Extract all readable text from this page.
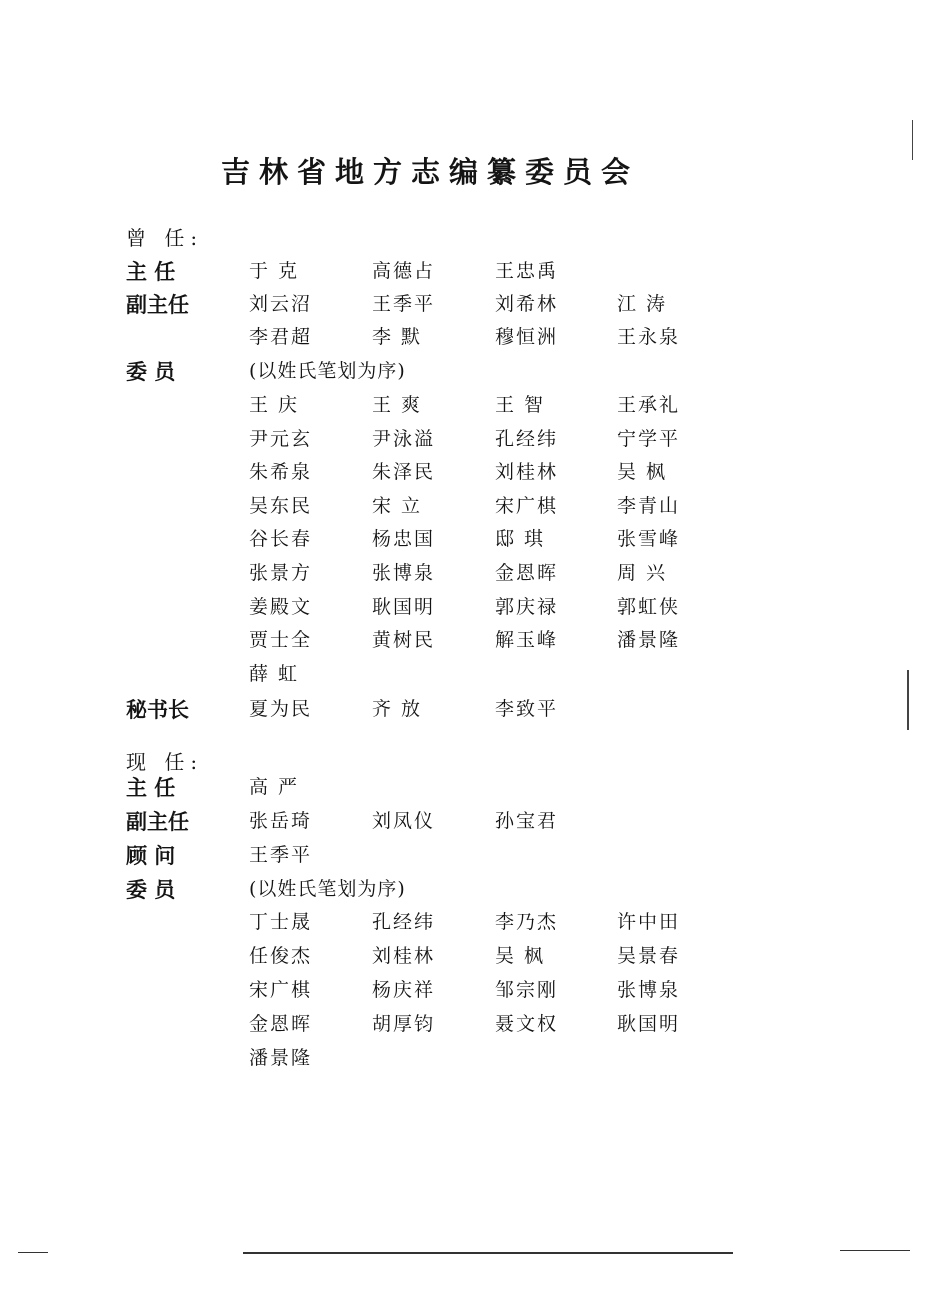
吉林省地方志编纂委员会
曾 任:
主 任	于 克	高德占	王忠禹
副主任	刘云沼	王季平	刘希林	江 涛
李君超	李 默	穆恒洲	王永泉
委 员	(以姓氏笔划为序)
王 庆	王 爽	王 智	王承礼
尹元玄	尹泳溢	孔经纬	宁学平
朱希泉	朱泽民	刘桂林	吴 枫
吴东民	宋 立	宋广棋	李青山
谷长春	杨忠国	邸 琪	张雪峰
张景方	张博泉	金恩晖	周 兴
姜殿文	耿国明	郭庆禄	郭虹侠
贾士全	黄树民	解玉峰	潘景隆
薛 虹
秘书长	夏为民	齐 放	李致平
现 任:
主 任	高 严
副主任	张岳琦	刘凤仪	孙宝君
顾 问	王季平
委 员	(以姓氏笔划为序)
丁士晟	孔经纬	李乃杰	许中田
任俊杰	刘桂林	吴 枫	吴景春
宋广棋	杨庆祥	邹宗刚	张博泉
金恩晖	胡厚钧	聂文权	耿国明
潘景隆
